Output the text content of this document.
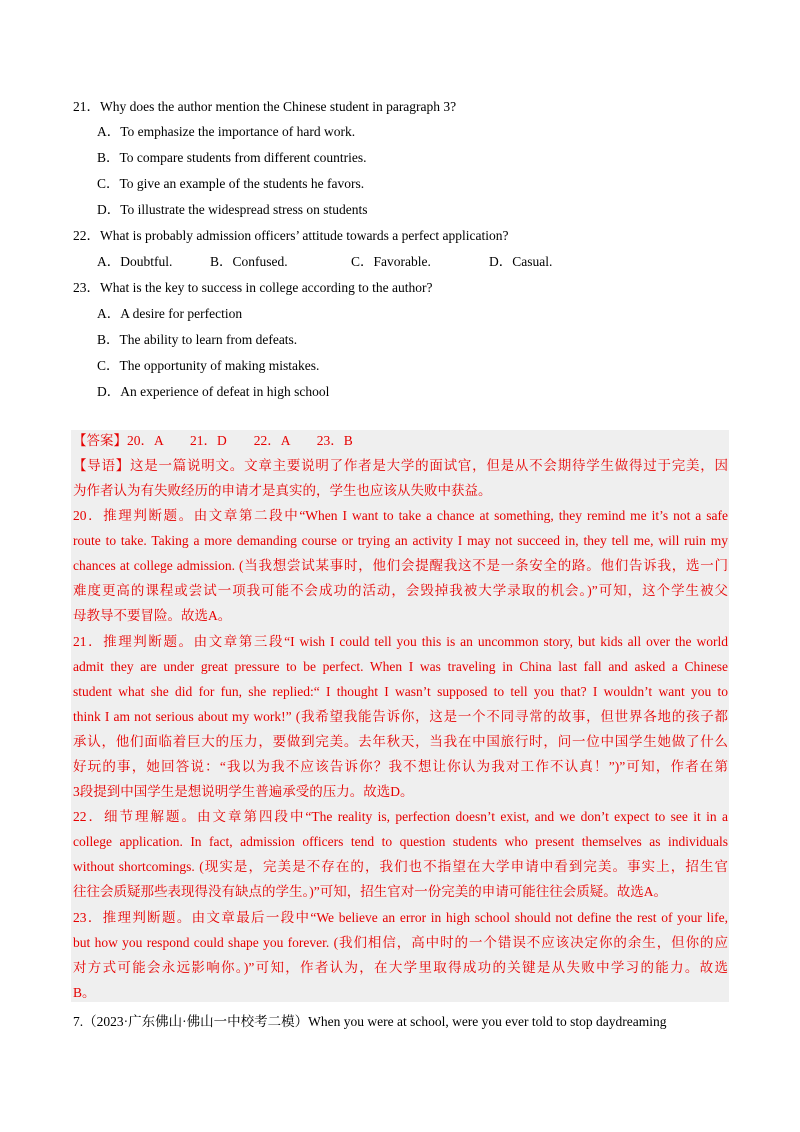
21．Why does the author mention the Chinese student in paragraph 3?
A．To emphasize the importance of hard work.
B．To compare students from different countries.
C．To give an example of the students he favors.
D．To illustrate the widespread stress on students
22．What is probably admission officers’ attitude towards a perfect application?
A．Doubtful.	B．Confused.	C．Favorable.	D．Casual.
23．What is the key to success in college according to the author?
A．A desire for perfection
B．The ability to learn from defeats.
C．The opportunity of making mistakes.
D．An experience of defeat in high school
【答案】20．A　　21．D　　22．A　　23．B
【导语】这是一篇说明文。文章主要说明了作者是大学的面试官，但是从不会期待学生做得过于完美，因
为作者认为有失败经历的申请才是真实的，学生也应该从失败中获益。
20．推理判断题。由文章第二段中“When I want to take a chance at something, they remind me it’s not a safe
route to take. Taking a more demanding course or trying an activity I may not succeed in, they tell me, will ruin my
chances at college admission. (当我想尝试某事时，他们会提醒我这不是一条安全的路。他们告诉我，选一门
难度更高的课程或尝试一项我可能不会成功的活动，会毁掉我被大学录取的机会。)”可知，这个学生被父
母教导不要冒险。故选A。
21．推理判断题。由文章第三段“I wish I could tell you this is an uncommon story, but kids all over the world
admit they are under great pressure to be perfect. When I was traveling in China last fall and asked a Chinese
student what she did for fun, she replied:“ I thought I wasn’t supposed to tell you that? I wouldn’t want you to
think I am not serious about my work!” (我希望我能告诉你，这是一个不同寻常的故事，但世界各地的孩子都
承认，他们面临着巨大的压力，要做到完美。去年秋天，当我在中国旅行时，问一位中国学生她做了什么
好玩的事，她回答说：“我以为我不应该告诉你？我不想让你认为我对工作不认真！”)”可知，作者在第
3段提到中国学生是想说明学生普遍承受的压力。故选D。
22．细节理解题。由文章第四段中“The reality is, perfection doesn’t exist, and we don’t expect to see it in a
college application. In fact, admission officers tend to question students who present themselves as individuals
without shortcomings. (现实是，完美是不存在的，我们也不指望在大学申请中看到完美。事实上，招生官
往往会质疑那些表现得没有缺点的学生。)”可知，招生官对一份完美的申请可能往往会质疑。故选A。
23．推理判断题。由文章最后一段中“We believe an error in high school should not define the rest of your life,
but how you respond could shape you forever. (我们相信，高中时的一个错误不应该决定你的余生，但你的应
对方式可能会永远影响你。)”可知，作者认为，在大学里取得成功的关键是从失败中学习的能力。故选
B。
7.（2023·广东佛山·佛山一中校考二模）When you were at school, were you ever told to stop daydreaming
